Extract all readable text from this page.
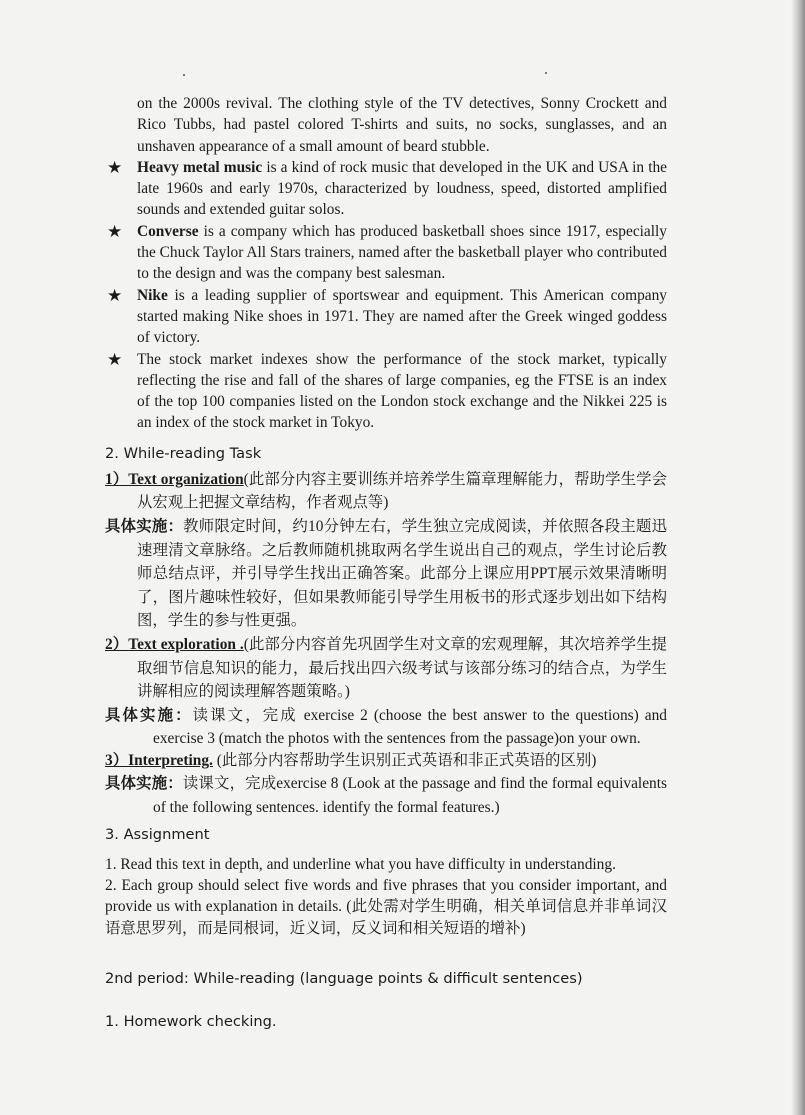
on the 2000s revival. The clothing style of the TV detectives, Sonny Crockett and Rico Tubbs, had pastel colored T-shirts and suits, no socks, sunglasses, and an unshaven appearance of a small amount of beard stubble.
★ Heavy metal music is a kind of rock music that developed in the UK and USA in the late 1960s and early 1970s, characterized by loudness, speed, distorted amplified sounds and extended guitar solos.
★ Converse is a company which has produced basketball shoes since 1917, especially the Chuck Taylor All Stars trainers, named after the basketball player who contributed to the design and was the company best salesman.
★ Nike is a leading supplier of sportswear and equipment. This American company started making Nike shoes in 1971. They are named after the Greek winged goddess of victory.
★ The stock market indexes show the performance of the stock market, typically reflecting the rise and fall of the shares of large companies, eg the FTSE is an index of the top 100 companies listed on the London stock exchange and the Nikkei 225 is an index of the stock market in Tokyo.
2. While-reading Task
1）Text organization(此部分内容主要训练并培养学生篇章理解能力，帮助学生学会从宏观上把握文章结构，作者观点等)
具体实施：教师限定时间，约10分钟左右，学生独立完成阅读，并依照各段主题迅速理清文章脉络。之后教师随机挑取两名学生说出自己的观点，学生讨论后教师总结点评，并引导学生找出正确答案。此部分上课应用PPT展示效果清晰明了，图片趣味性较好，但如果教师能引导学生用板书的形式逐步划出如下结构图，学生的参与性更强。
2）Text exploration .(此部分内容首先巩固学生对文章的宏观理解，其次培养学生提取细节信息知识的能力，最后找出四六级考试与该部分练习的结合点，为学生讲解相应的阅读理解答题策略。)
具体实施：读课文，完成 exercise 2 (choose the best answer to the questions) and exercise 3 (match the photos with the sentences from the passage)on your own.
3）Interpreting. (此部分内容帮助学生识别正式英语和非正式英语的区别)
具体实施：读课文，完成exercise 8 (Look at the passage and find the formal equivalents of the following sentences. identify the formal features.)
3. Assignment
1. Read this text in depth, and underline what you have difficulty in understanding.
2. Each group should select five words and five phrases that you consider important, and provide us with explanation in details. (此处需对学生明确，相关单词信息并非单词汉语意思罗列，而是同根词，近义词，反义词和相关短语的增补)
2nd period: While-reading (language points & difficult sentences)
1. Homework checking.
